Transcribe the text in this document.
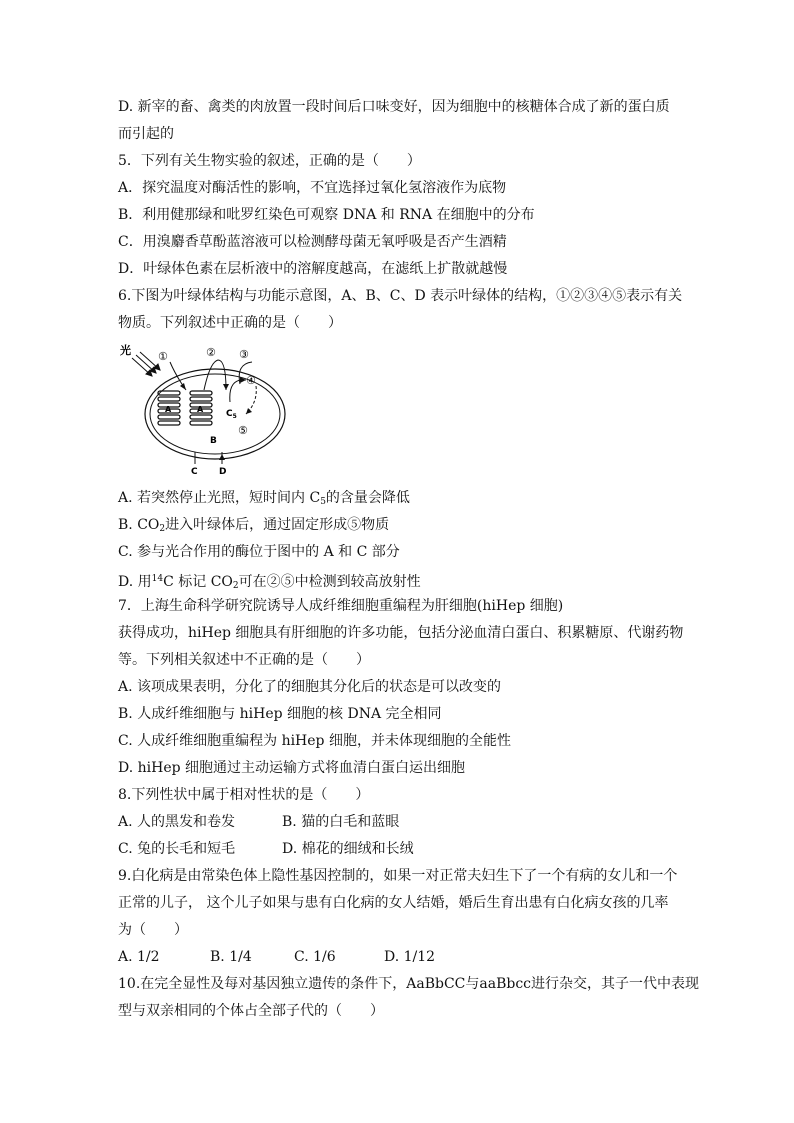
D. 新宰的畜、禽类的肉放置一段时间后口味变好，因为细胞中的核糖体合成了新的蛋白质
而引起的
5．下列有关生物实验的叙述，正确的是（　　）
A．探究温度对酶活性的影响，不宜选择过氧化氢溶液作为底物
B．利用健那绿和吡罗红染色可观察 DNA 和 RNA 在细胞中的分布
C．用溴麝香草酚蓝溶液可以检测酵母菌无氧呼吸是否产生酒精
D．叶绿体色素在层析液中的溶解度越高，在滤纸上扩散就越慢
6.下图为叶绿体结构与功能示意图，A、B、C、D 表示叶绿体的结构，①②③④⑤表示有关
物质。下列叙述中正确的是（　　）
光
A	A
①	② ③
④
$C_5$
⑤
B
C D
A. 若突然停止光照，短时间内 $C_5$的含量会降低
B. $CO_2$进入叶绿体后，通过固定形成⑤物质
C. 参与光合作用的酶位于图中的 A 和 C 部分
D. 用$^{14}$C 标记 $CO_2$可在②⑤中检测到较高放射性
7．上海生命科学研究院诱导人成纤维细胞重编程为肝细胞(hiHep 细胞)
获得成功，hiHep 细胞具有肝细胞的许多功能，包括分泌血清白蛋白、积累糖原、代谢药物
等。下列相关叙述中不正确的是（　　）
A. 该项成果表明，分化了的细胞其分化后的状态是可以改变的
B. 人成纤维细胞与 hiHep 细胞的核 DNA 完全相同
C. 人成纤维细胞重编程为 hiHep 细胞，并未体现细胞的全能性
D. hiHep 细胞通过主动运输方式将血清白蛋白运出细胞
8.下列性状中属于相对性状的是（　　）
A. 人的黑发和卷发	B. 猫的白毛和蓝眼
C. 兔的长毛和短毛	D. 棉花的细绒和长绒
9.白化病是由常染色体上隐性基因控制的，如果一对正常夫妇生下了一个有病的女儿和一个
正常的儿子， 这个儿子如果与患有白化病的女人结婚，婚后生育出患有白化病女孩的几率
为（　　）
A. 1/2	B. 1/4	C. 1/6	D. 1/12
10.在完全显性及每对基因独立遗传的条件下，AaBbCC与aaBbcc进行杂交，其子一代中表现
型与双亲相同的个体占全部子代的（　　）
